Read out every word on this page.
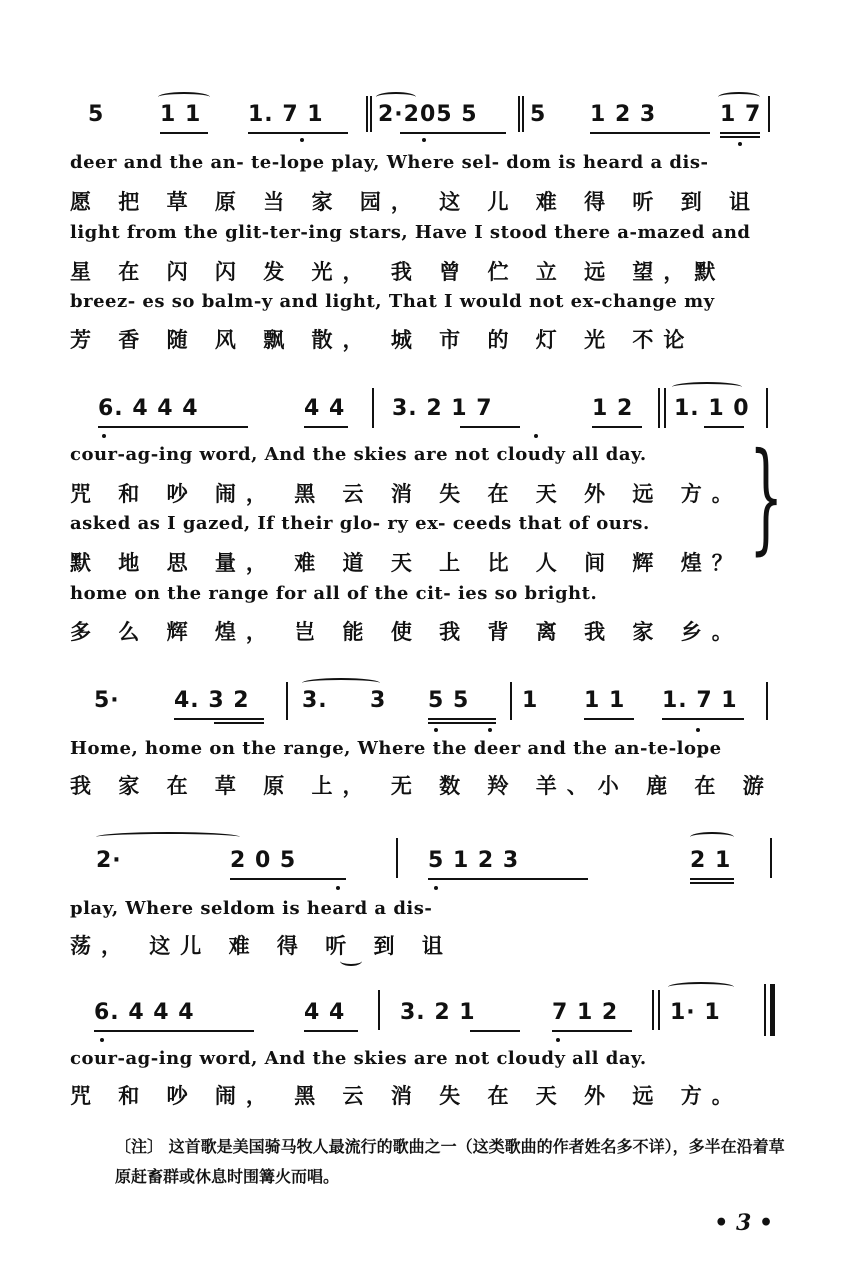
5	1 1 1. 7 1 2·205 5 5 1 2 3	1 7
deer and the an- te-lope play, Where sel- dom is heard a dis-
愿 把 草 原 当 家 园， 这 儿 难 得 听 到 诅
light from the glit-ter-ing stars, Have I stood there a-mazed and
星 在 闪 闪 发 光， 我 曾 伫 立 远 望，默
breez- es so balm-y and light, That I would not ex-change my
芳 香 随 风 飘 散， 城 市 的 灯 光 不论
6. 4 4 4	4 4 3. 2 1 7	1 2 1. 1 0
cour-ag-ing word, And the skies are not cloudy all day.
咒 和 吵 闹， 黑 云 消 失 在 天 外 远 方。
asked as I gazed, If their glo- ry ex- ceeds that of ours.
默 地 思 量， 难 道 天 上 比 人 间 辉 煌？
home on the range for all of the cit- ies so bright.
多 么 辉 煌， 岂 能 使 我 背 离 我 家 乡。
}
5· 4. 3 2 3. 3 5 5 1 1 1 1. 7 1
Home, home on the range, Where the deer and the an-te-lope
我 家 在 草 原 上， 无 数 羚 羊、小 鹿 在 游
2·	2 0 5	5 1 2 3	2 1
play, Where seldom is heard a dis-
荡， 这儿 难 得 听 到 诅
6. 4 4 4	4 4 3. 2 1	7 1 2 1· 1
cour-ag-ing word, And the skies are not cloudy all day.
咒 和 吵 闹， 黑 云 消 失 在 天 外 远 方。
〔注〕 这首歌是美国骑马牧人最流行的歌曲之一（这类歌曲的作者姓名多不详），多半在沿着草原赶畜群或休息时围篝火而唱。
• 3 •
